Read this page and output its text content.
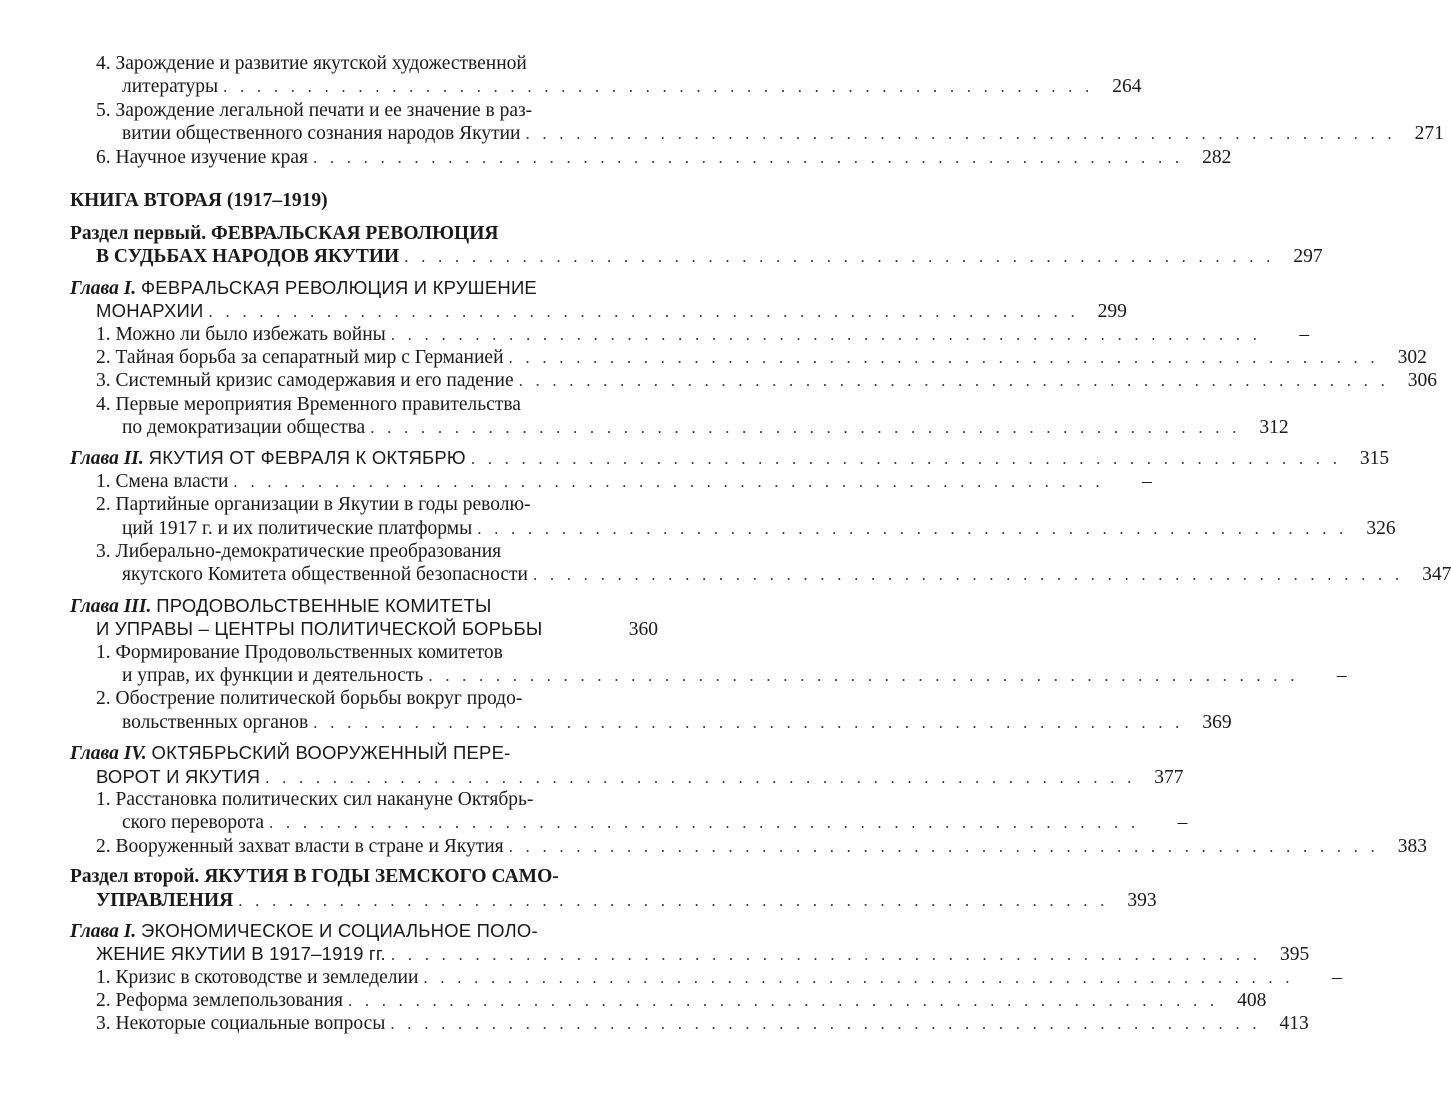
4. Зарождение и развитие якутской художественной
литературы . . . . . . . . . . . . . . . . . . . . . . . . . . . . . . . . . . . . . . . . . . . . . . . . . . . . 264
5. Зарождение легальной печати и ее значение в раз-
витии общественного сознания народов Якутии . . . . . . . . . . . . . . . . . . . . . . . . . . . . . . . . . . . . . . . . . . . . . . . . . . . . 271
6. Научное изучение края . . . . . . . . . . . . . . . . . . . . . . . . . . . . . . . . . . . . . . . . . . . . . . . . . . . . 282
КНИГА ВТОРАЯ (1917–1919)
Раздел первый.
ФЕВРАЛЬСКАЯ РЕВОЛЮЦИЯ
В СУДЬБАХ НАРОДОВ ЯКУТИИ . . . . . . . . . . . . . . . . . . . . . . . . . . . . . . . . . . . . . . . . . . . . . . . . . . . . 297
Глава I.
ФЕВРАЛЬСКАЯ РЕВОЛЮЦИЯ И КРУШЕНИЕ
МОНАРХИИ . . . . . . . . . . . . . . . . . . . . . . . . . . . . . . . . . . . . . . . . . . . . . . . . . . . . 299
1. Можно ли было избежать войны . . . . . . . . . . . . . . . . . . . . . . . . . . . . . . . . . . . . . . . . . . . . . . . . . . . .	–
2. Тайная борьба за сепаратный мир с Германией . . . . . . . . . . . . . . . . . . . . . . . . . . . . . . . . . . . . . . . . . . . . . . . . . . . . 302
3. Системный кризис самодержавия и его падение . . . . . . . . . . . . . . . . . . . . . . . . . . . . . . . . . . . . . . . . . . . . . . . . . . . . 306
4. Первые мероприятия Временного правительства
по демократизации общества . . . . . . . . . . . . . . . . . . . . . . . . . . . . . . . . . . . . . . . . . . . . . . . . . . . . 312
Глава II.
ЯКУТИЯ ОТ ФЕВРАЛЯ К ОКТЯБРЮ . . . . . . . . . . . . . . . . . . . . . . . . . . . . . . . . . . . . . . . . . . . . . . . . . . . . 315
1. Смена власти . . . . . . . . . . . . . . . . . . . . . . . . . . . . . . . . . . . . . . . . . . . . . . . . . . . .	–
2. Партийные организации в Якутии в годы револю-
ций 1917 г. и их политические платформы . . . . . . . . . . . . . . . . . . . . . . . . . . . . . . . . . . . . . . . . . . . . . . . . . . . . 326
3. Либерально-демократические преобразования
якутского Комитета общественной безопасности . . . . . . . . . . . . . . . . . . . . . . . . . . . . . . . . . . . . . . . . . . . . . . . . . . . . 347
Глава III.
ПРОДОВОЛЬСТВЕННЫЕ КОМИТЕТЫ
И УПРАВЫ – ЦЕНТРЫ ПОЛИТИЧЕСКОЙ БОРЬБЫ	360
1. Формирование Продовольственных комитетов
и управ, их функции и деятельность . . . . . . . . . . . . . . . . . . . . . . . . . . . . . . . . . . . . . . . . . . . . . . . . . . . .	–
2. Обострение политической борьбы вокруг продо-
вольственных органов . . . . . . . . . . . . . . . . . . . . . . . . . . . . . . . . . . . . . . . . . . . . . . . . . . . . 369
Глава IV.
ОКТЯБРЬСКИЙ ВООРУЖЕННЫЙ ПЕРЕ-
ВОРОТ И ЯКУТИЯ . . . . . . . . . . . . . . . . . . . . . . . . . . . . . . . . . . . . . . . . . . . . . . . . . . . . 377
1. Расстановка политических сил накануне Октябрь-
ского переворота . . . . . . . . . . . . . . . . . . . . . . . . . . . . . . . . . . . . . . . . . . . . . . . . . . . .	–
2. Вооруженный захват власти в стране и Якутия . . . . . . . . . . . . . . . . . . . . . . . . . . . . . . . . . . . . . . . . . . . . . . . . . . . . 383
Раздел второй.
ЯКУТИЯ В ГОДЫ ЗЕМСКОГО САМО-
УПРАВЛЕНИЯ . . . . . . . . . . . . . . . . . . . . . . . . . . . . . . . . . . . . . . . . . . . . . . . . . . . . 393
Глава I.
ЭКОНОМИЧЕСКОЕ И СОЦИАЛЬНОЕ ПОЛО-
ЖЕНИЕ ЯКУТИИ В 1917–1919 гг. . . . . . . . . . . . . . . . . . . . . . . . . . . . . . . . . . . . . . . . . . . . . . . . . . . . . 395
1. Кризис в скотоводстве и земледелии . . . . . . . . . . . . . . . . . . . . . . . . . . . . . . . . . . . . . . . . . . . . . . . . . . . .	–
2. Реформа землепользования . . . . . . . . . . . . . . . . . . . . . . . . . . . . . . . . . . . . . . . . . . . . . . . . . . . . 408
3. Некоторые социальные вопросы . . . . . . . . . . . . . . . . . . . . . . . . . . . . . . . . . . . . . . . . . . . . . . . . . . . . 413
